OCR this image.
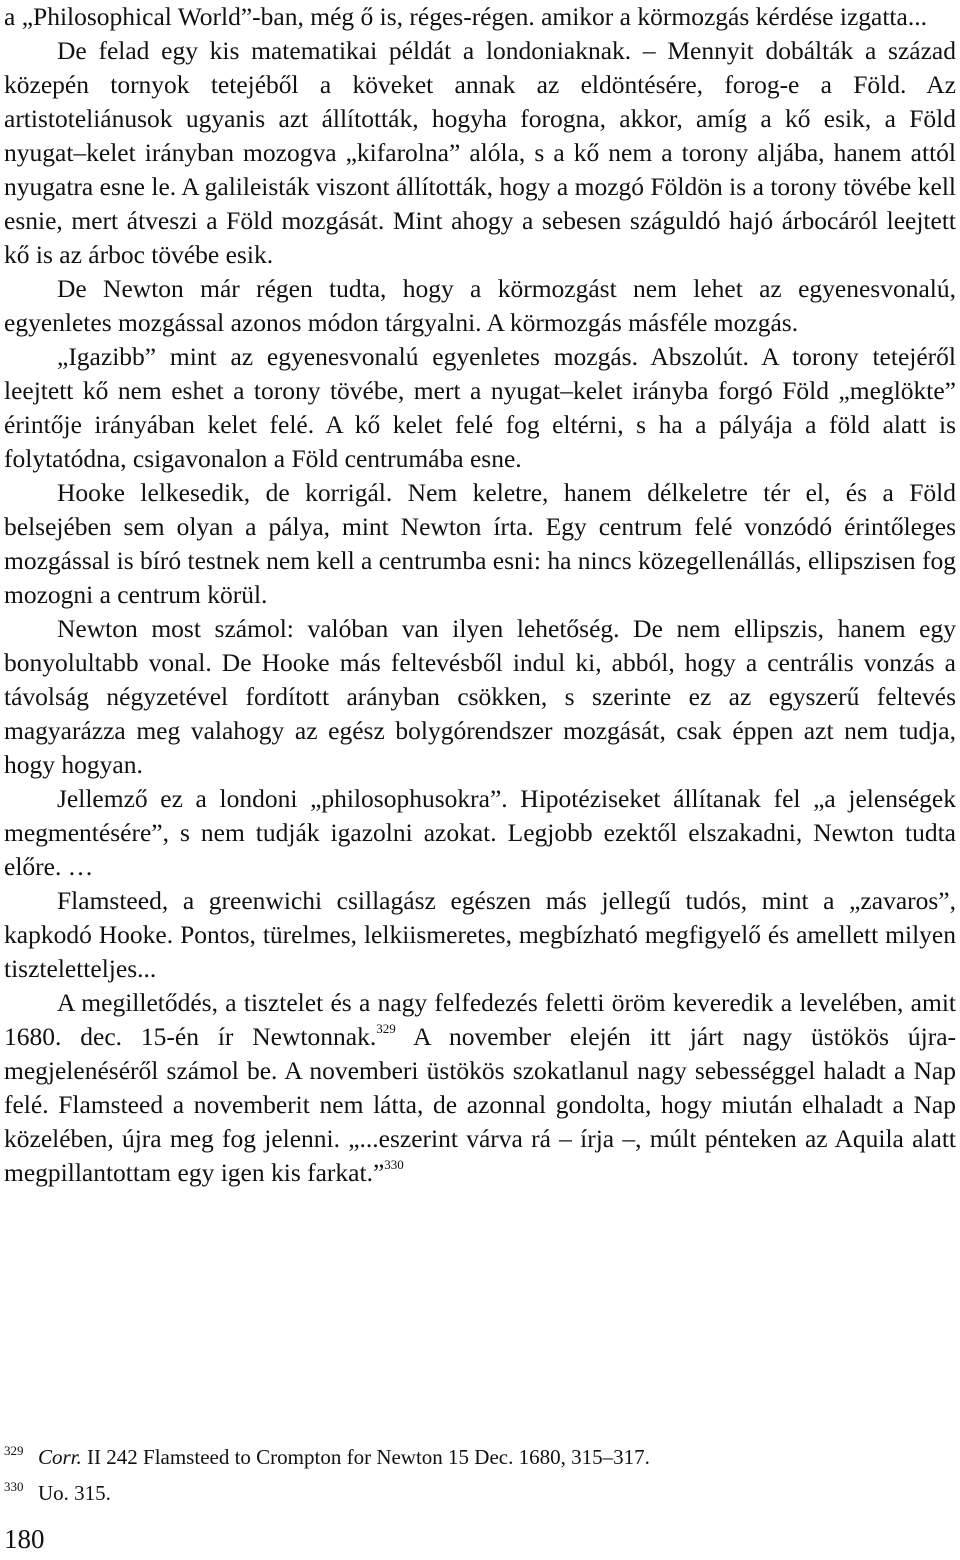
a „Philosophical World”-ban, még ő is, réges-régen. amikor a körmozgás kérdése izgatta...

De felad egy kis matematikai példát a londoniaknak. – Mennyit dobálták a század közepén tornyok tetejéből a köveket annak az eldöntésére, forog-e a Föld. Az artistoteliánusok ugyanis azt állították, hogyha forogna, akkor, amíg a kő esik, a Föld nyugat–kelet irányban mozogva „kifarolna” alóla, s a kő nem a torony aljába, hanem attól nyugatra esne le. A galileisták viszont állították, hogy a mozgó Földön is a torony tövébe kell esnie, mert átveszi a Föld mozgását. Mint ahogy a sebesen száguldó hajó árbocáról leejtett kő is az árboc tövébe esik.

De Newton már régen tudta, hogy a körmozgást nem lehet az egyenesvonalú, egyenletes mozgással azonos módon tárgyalni. A körmozgás másféle mozgás.

„Igazibb” mint az egyenesvonalú egyenletes mozgás. Abszolút. A torony tetejéről leejtett kő nem eshet a torony tövébe, mert a nyugat–kelet irányba forgó Föld „meglökte” érintője irányában kelet felé. A kő kelet felé fog eltérni, s ha a pályája a föld alatt is folytatódna, csigavonalon a Föld centrumába esne.

Hooke lelkesedik, de korrigál. Nem keletre, hanem délkeletre tér el, és a Föld belsejében sem olyan a pálya, mint Newton írta. Egy centrum felé vonzódó érintőleges mozgással is bíró testnek nem kell a centrumba esni: ha nincs közegellenállás, ellipszisen fog mozogni a centrum körül.

Newton most számol: valóban van ilyen lehetőség. De nem ellipszis, hanem egy bonyolultabb vonal. De Hooke más feltevésből indul ki, abból, hogy a centrális vonzás a távolság négyzetével fordított arányban csökken, s szerinte ez az egyszerű feltevés magyarázza meg valahogy az egész bolygórendszer mozgását, csak éppen azt nem tudja, hogy hogyan.

Jellemző ez a londoni „philosophusokra”. Hipotéziseket állítanak fel „a jelenségek megmentésére”, s nem tudják igazolni azokat. Legjobb ezektől elszakadni, Newton tudta előre. …

Flamsteed, a greenwichi csillagász egészen más jellegű tudós, mint a „zavaros”, kapkodó Hooke. Pontos, türelmes, lelkiismeretes, megbízható megfigyelő és amellett milyen tiszteletteljes...

A megilletődés, a tisztelet és a nagy felfedezés feletti öröm keveredik a levelében, amit 1680. dec. 15-én ír Newtonnak.$^{329}$ A november elején itt járt nagy üstökös újra-megjelenéséről számol be. A novemberi üstökös szokatlanul nagy sebességgel haladt a Nap felé. Flamsteed a novemberit nem látta, de azonnal gondolta, hogy miután elhaladt a Nap közelében, újra meg fog jelenni. „...eszerint várva rá – írja –, múlt pénteken az Aquila alatt megpillantottam egy igen kis farkat.”$^{330}$

329 Corr. II 242 Flamsteed to Crompton for Newton 15 Dec. 1680, 315–317.

330 Uo. 315.

180
